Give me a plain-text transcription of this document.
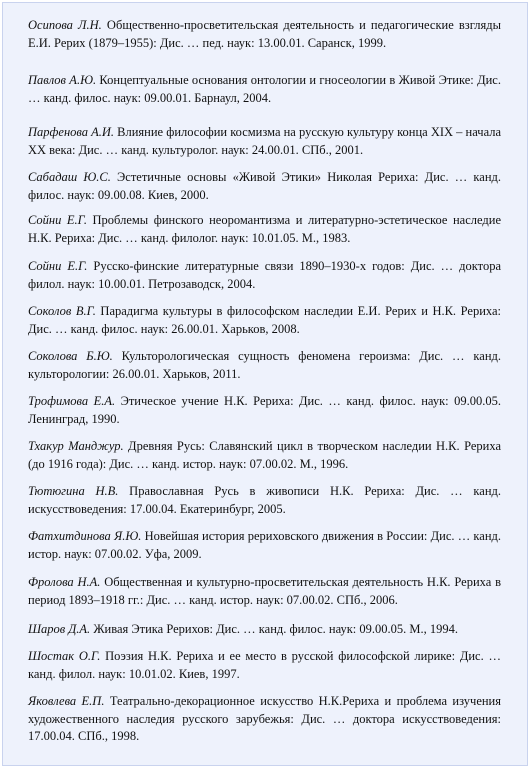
Осипова Л.Н. Общественно-просветительская деятельность и педагогические взгляды Е.И. Рерих (1879–1955): Дис. … пед. наук: 13.00.01. Саранск, 1999.

Павлов А.Ю. Концептуальные основания онтологии и гносеологии в Живой Этике: Дис. … канд. филос. наук: 09.00.01. Барнаул, 2004.

Парфенова А.И. Влияние философии космизма на русскую культуру конца XIX – начала XX века: Дис. … канд. культуролог. наук: 24.00.01. СПб., 2001.

Сабадаш Ю.С. Эстетичные основы «Живой Этики» Николая Рериха: Дис. … канд. филос. наук: 09.00.08. Киев, 2000.

Сойни Е.Г. Проблемы финского неоромантизма и литературно-эстетическое наследие Н.К. Рериха: Дис. … канд. филолог. наук: 10.01.05. М., 1983.

Сойни Е.Г. Русско-финские литературные связи 1890–1930-х годов: Дис. … доктора филол. наук: 10.00.01. Петрозаводск, 2004.

Соколов В.Г. Парадигма культуры в философском наследии Е.И. Рерих и Н.К. Рериха: Дис. … канд. филос. наук: 26.00.01. Харьков, 2008.

Соколова Б.Ю. Культорологическая сущность феномена героизма: Дис. … канд. культорологии: 26.00.01. Харьков, 2011.

Трофимова Е.А. Этическое учение Н.К. Рериха: Дис. … канд. филос. наук: 09.00.05. Ленинград, 1990.

Тхакур Манджур. Древняя Русь: Славянский цикл в творческом наследии Н.К. Рериха (до 1916 года): Дис. … канд. истор. наук: 07.00.02. М., 1996.

Тютюгина Н.В. Православная Русь в живописи Н.К. Рериха: Дис. … канд. искусствоведения: 17.00.04. Екатеринбург, 2005.

Фатхитдинова Я.Ю. Новейшая история рериховского движения в России: Дис. … канд. истор. наук: 07.00.02. Уфа, 2009.

Фролова Н.А. Общественная и культурно-просветительская деятельность Н.К. Рериха в период 1893–1918 гг.: Дис. … канд. истор. наук: 07.00.02. СПб., 2006.

Шаров Д.А. Живая Этика Рерихов: Дис. … канд. филос. наук: 09.00.05. М., 1994.

Шостак О.Г. Поэзия Н.К. Рериха и ее место в русской философской лирике: Дис. … канд. филол. наук: 10.01.02. Киев, 1997.

Яковлева Е.П. Театрально-декорационное искусство Н.К.Рериха и проблема изучения художественного наследия русского зарубежья: Дис. … доктора искусствоведения: 17.00.04. СПб., 1998.
